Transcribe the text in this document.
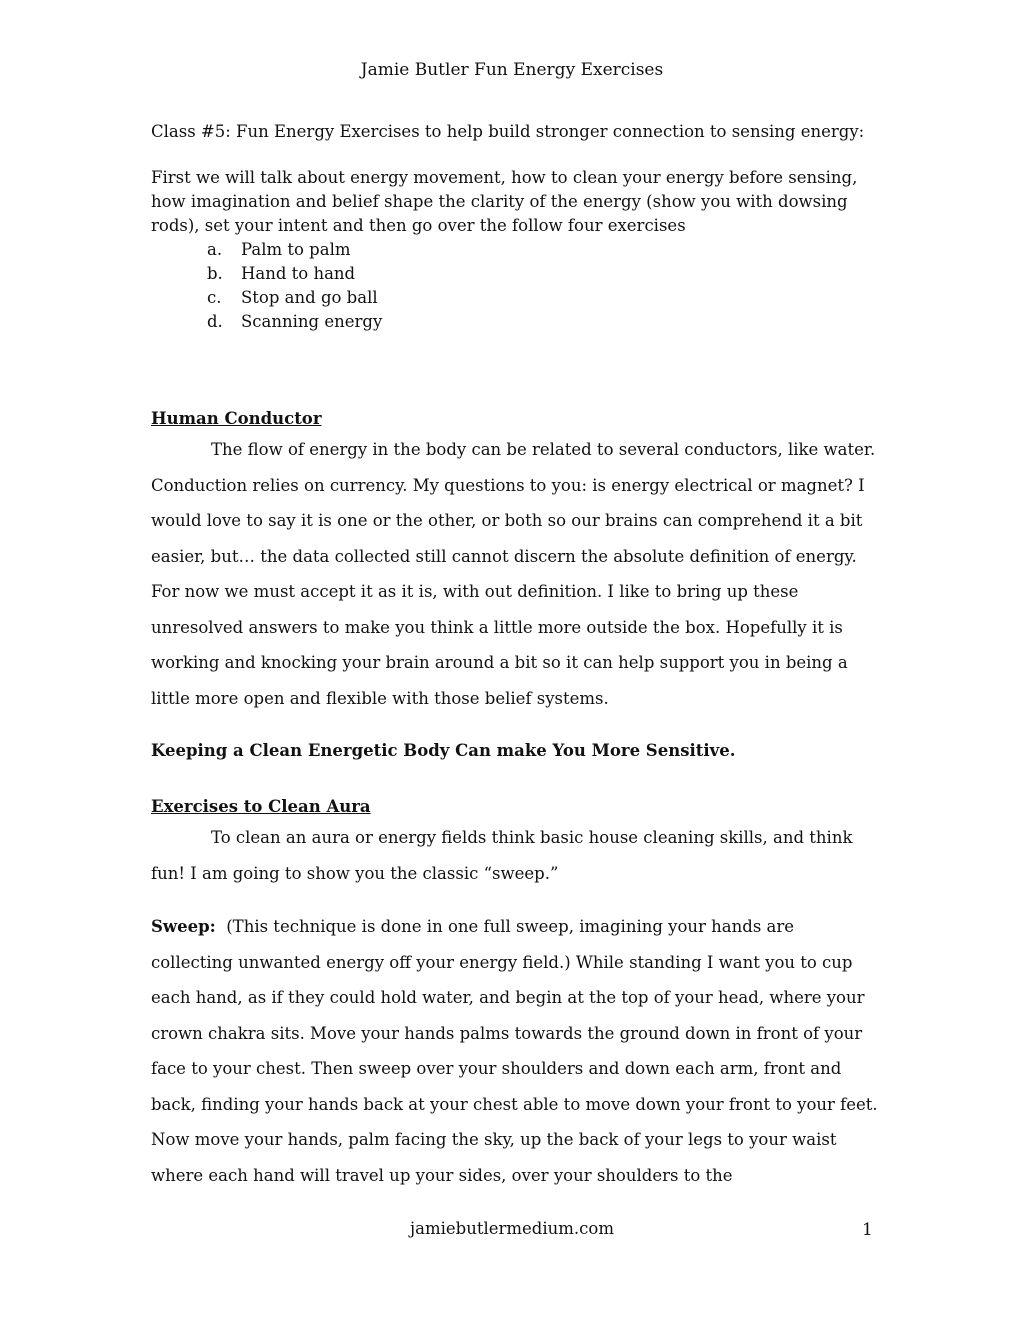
Jamie Butler Fun Energy Exercises

Class #5: Fun Energy Exercises to help build stronger connection to sensing energy:

First we will talk about energy movement, how to clean your energy before sensing, how imagination and belief shape the clarity of the energy (show you with dowsing rods), set your intent and then go over the follow four exercises

a.	Palm to palm
b.	Hand to hand
c.	Stop and go ball
d.	Scanning energy

Human Conductor

The flow of energy in the body can be related to several conductors, like water. Conduction relies on currency. My questions to you: is energy electrical or magnet? I would love to say it is one or the other, or both so our brains can comprehend it a bit easier, but… the data collected still cannot discern the absolute definition of energy. For now we must accept it as it is, with out definition. I like to bring up these unresolved answers to make you think a little more outside the box. Hopefully it is working and knocking your brain around a bit so it can help support you in being a little more open and flexible with those belief systems.

Keeping a Clean Energetic Body Can make You More Sensitive.

Exercises to Clean Aura

To clean an aura or energy fields think basic house cleaning skills, and think fun! I am going to show you the classic “sweep.”

Sweep: (This technique is done in one full sweep, imagining your hands are collecting unwanted energy off your energy field.) While standing I want you to cup each hand, as if they could hold water, and begin at the top of your head, where your crown chakra sits. Move your hands palms towards the ground down in front of your face to your chest. Then sweep over your shoulders and down each arm, front and back, finding your hands back at your chest able to move down your front to your feet. Now move your hands, palm facing the sky, up the back of your legs to your waist where each hand will travel up your sides, over your shoulders to the

jamiebutlermedium.com	1
